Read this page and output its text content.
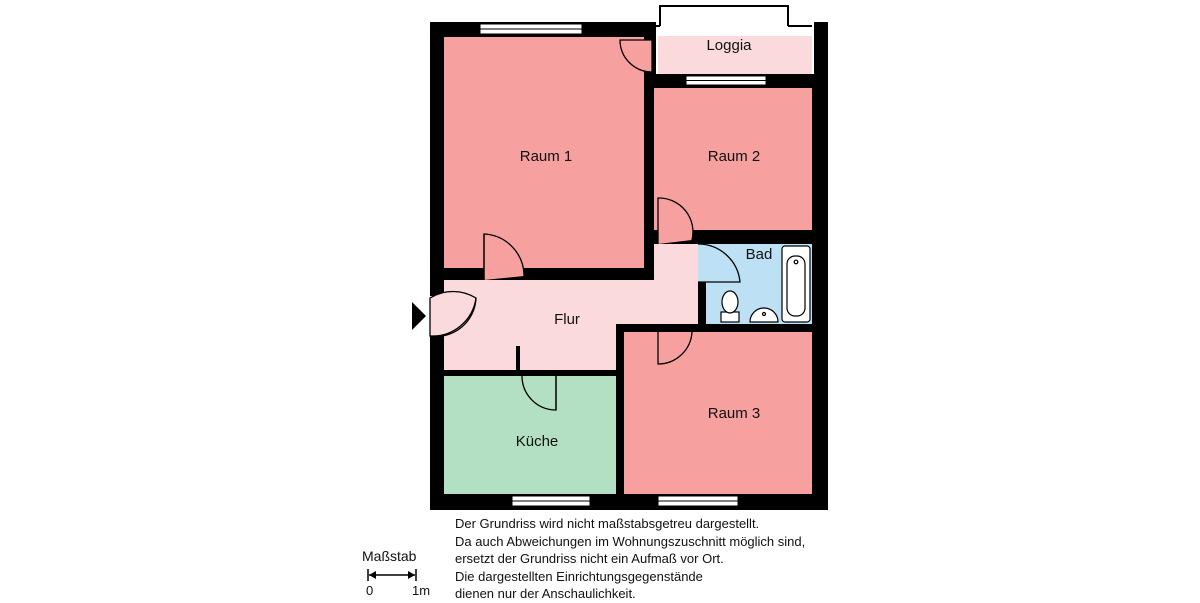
Raum 1	Raum 2
Raum 3
Bad
Flur
Küche
Loggia
Maßstab
0	1m
Der Grundriss wird nicht maßstabsgetreu dargestellt.
Da auch Abweichungen im Wohnungszuschnitt möglich sind,
ersetzt der Grundriss nicht ein Aufmaß vor Ort.
Die dargestellten Einrichtungsgegenstände
dienen nur der Anschaulichkeit.
